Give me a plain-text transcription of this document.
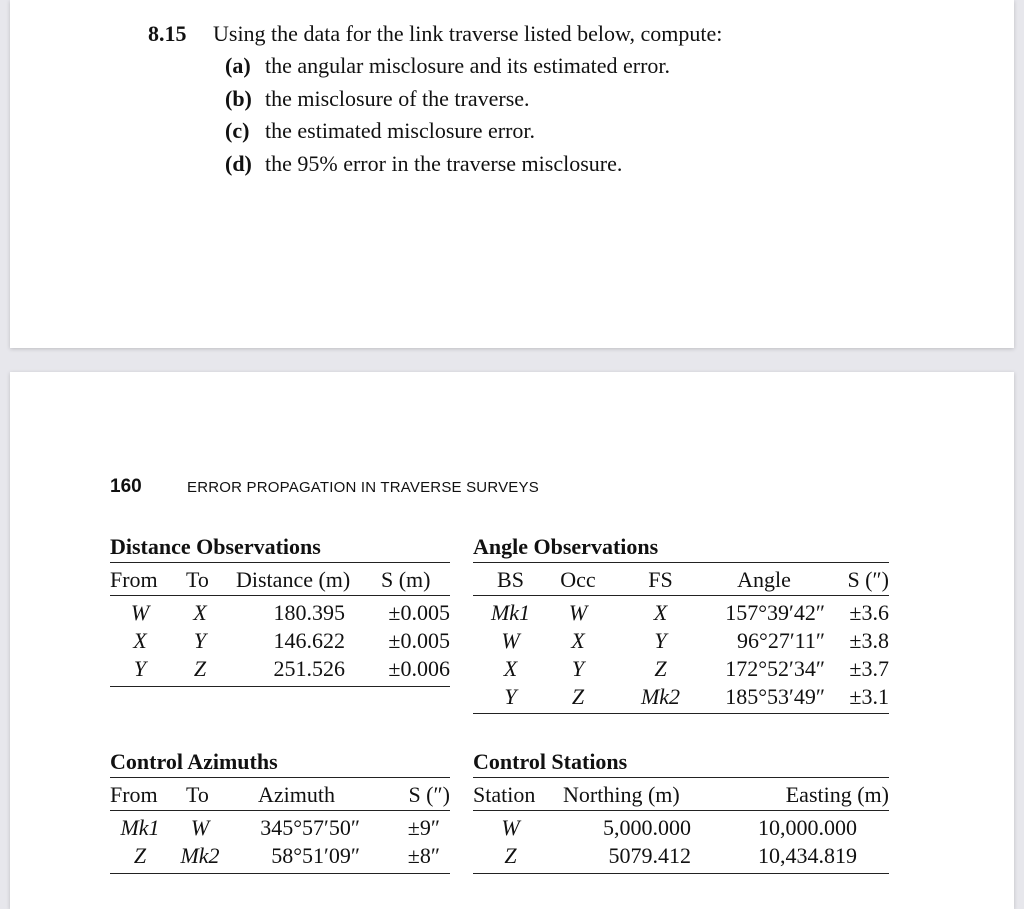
8.15 Using the data for the link traverse listed below, compute:
(a) the angular misclosure and its estimated error.
(b) the misclosure of the traverse.
(c) the estimated misclosure error.
(d) the 95% error in the traverse misclosure.
160	ERROR PROPAGATION IN TRAVERSE SURVEYS
Distance Observations
From	To	Distance (m)	S (m)
W	X	180.395	±0.005
X	Y	146.622	±0.005
Y	Z	251.526	±0.006
Angle Observations
BS	Occ	FS	Angle	S (″)
Mk1	W	X	157°39′42″	±3.6
W	X	Y	96°27′11″	±3.8
X	Y	Z	172°52′34″	±3.7
Y	Z	Mk2	185°53′49″	±3.1
Control Azimuths
From	To	Azimuth	S (″)
Mk1	W	345°57′50″	±9″
Z	Mk2	58°51′09″	±8″
Control Stations
Station	Northing (m)	Easting (m)
W	5,000.000	10,000.000
Z	5079.412	10,434.819
